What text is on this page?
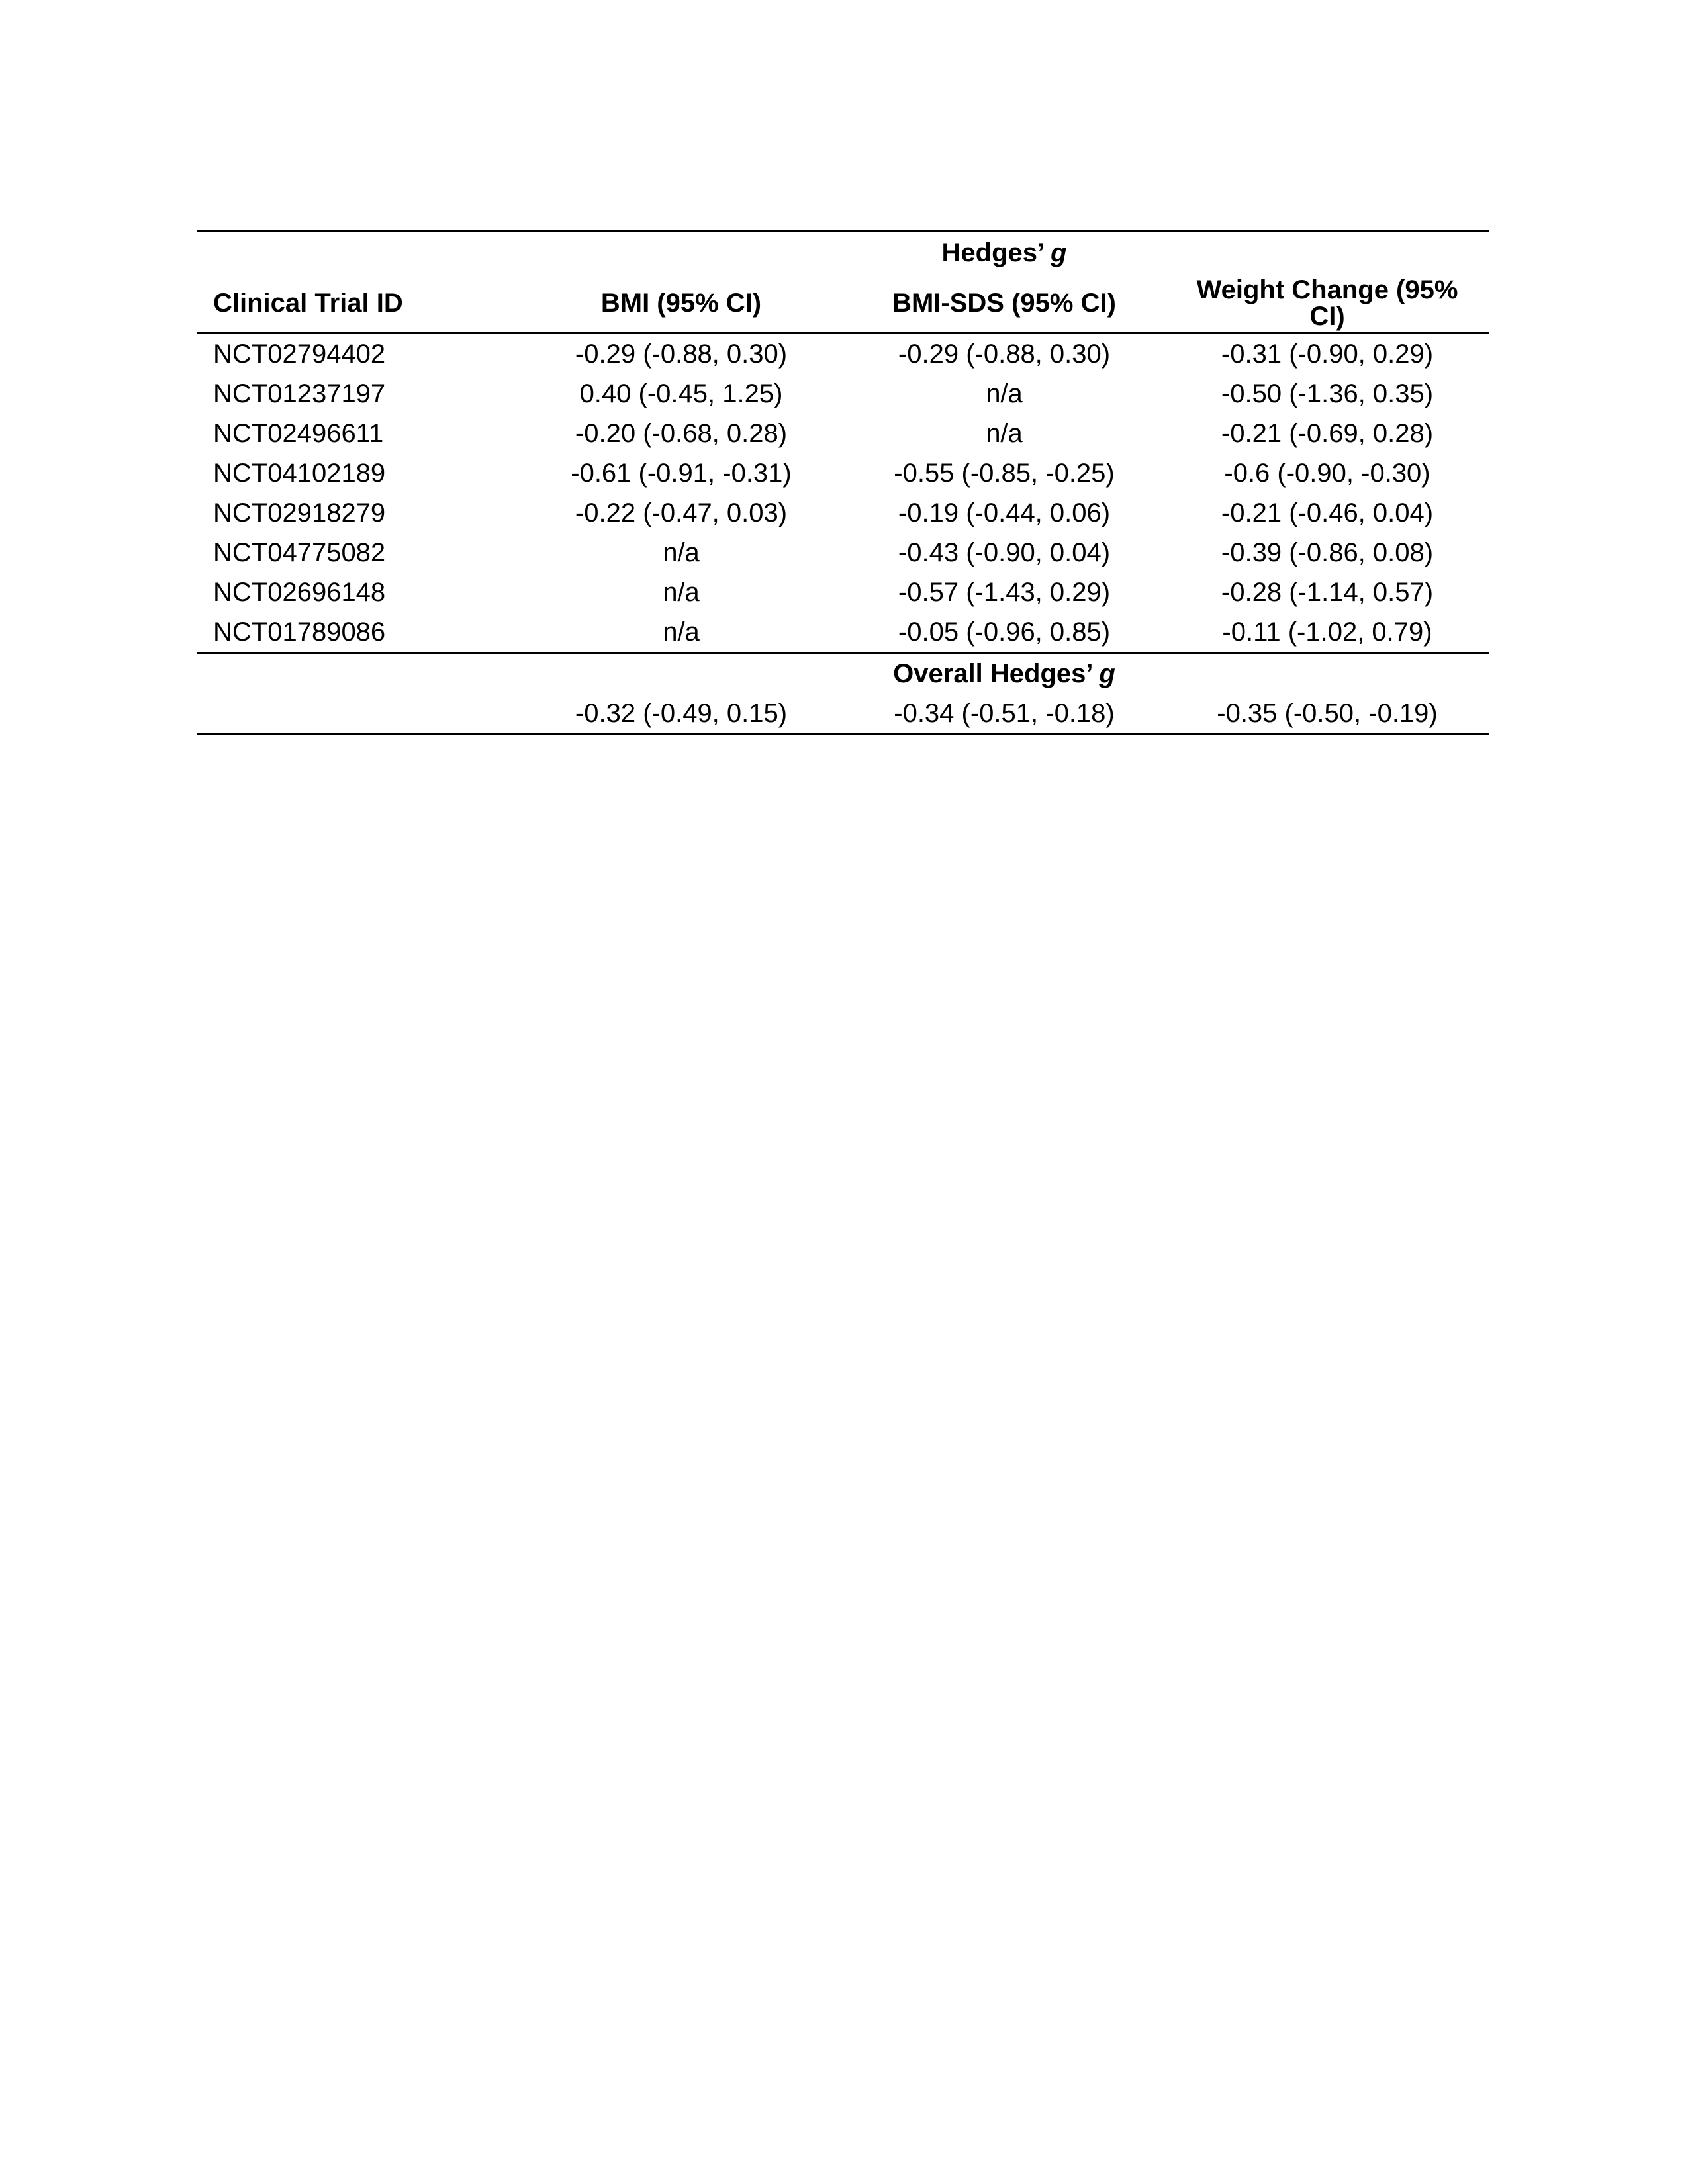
		Hedges’ g	
Clinical Trial ID	BMI (95% CI)	BMI-SDS (95% CI)	Weight Change (95% CI)
NCT02794402	-0.29 (-0.88, 0.30)	-0.29 (-0.88, 0.30)	-0.31 (-0.90, 0.29)
NCT01237197	0.40 (-0.45, 1.25)	n/a	-0.50 (-1.36, 0.35)
NCT02496611	-0.20 (-0.68, 0.28)	n/a	-0.21 (-0.69, 0.28)
NCT04102189	-0.61 (-0.91, -0.31)	-0.55 (-0.85, -0.25)	-0.6 (-0.90, -0.30)
NCT02918279	-0.22 (-0.47, 0.03)	-0.19 (-0.44, 0.06)	-0.21 (-0.46, 0.04)
NCT04775082	n/a	-0.43 (-0.90, 0.04)	-0.39 (-0.86, 0.08)
NCT02696148	n/a	-0.57 (-1.43, 0.29)	-0.28 (-1.14, 0.57)
NCT01789086	n/a	-0.05 (-0.96, 0.85)	-0.11 (-1.02, 0.79)
		Overall Hedges’ g	
	-0.32 (-0.49, 0.15)	-0.34 (-0.51, -0.18)	-0.35 (-0.50, -0.19)
